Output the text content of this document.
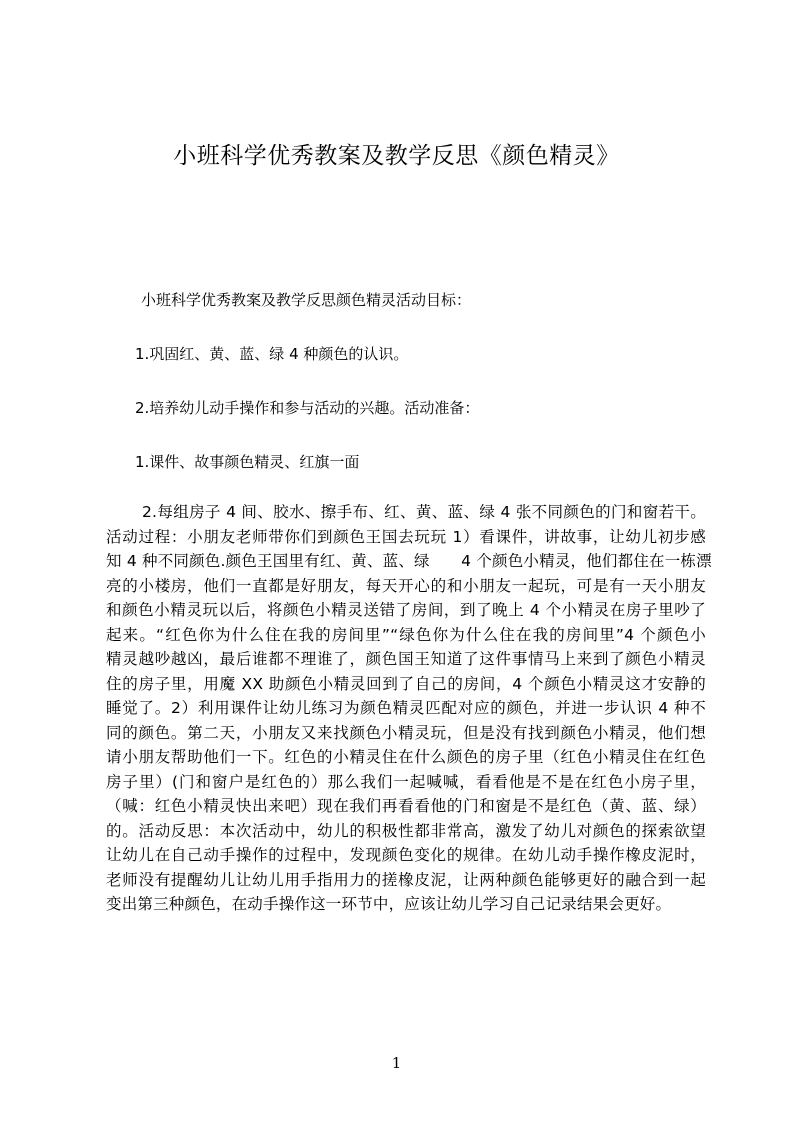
小班科学优秀教案及教学反思《颜色精灵》
小班科学优秀教案及教学反思颜色精灵活动目标：
1.巩固红、黄、蓝、绿 4 种颜色的认识。
2.培养幼儿动手操作和参与活动的兴趣。活动准备：
1.课件、故事颜色精灵、红旗一面
2.每组房子 4 间、胶水、擦手布、红、黄、蓝、绿 4 张不同颜色的门和窗若干。
活动过程：小朋友老师带你们到颜色王国去玩玩 1）看课件，讲故事，让幼儿初步感
知 4 种不同颜色.颜色王国里有红、黄、蓝、绿　　4 个颜色小精灵，他们都住在一栋漂
亮的小楼房，他们一直都是好朋友，每天开心的和小朋友一起玩，可是有一天小朋友
和颜色小精灵玩以后，将颜色小精灵送错了房间，到了晚上 4 个小精灵在房子里吵了
起来。“红色你为什么住在我的房间里”“绿色你为什么住在我的房间里”4 个颜色小
精灵越吵越凶，最后谁都不理谁了，颜色国王知道了这件事情马上来到了颜色小精灵
住的房子里，用魔 XX 助颜色小精灵回到了自己的房间，4 个颜色小精灵这才安静的
睡觉了。2）利用课件让幼儿练习为颜色精灵匹配对应的颜色，并进一步认识 4 种不
同的颜色。第二天，小朋友又来找颜色小精灵玩，但是没有找到颜色小精灵，他们想
请小朋友帮助他们一下。红色的小精灵住在什么颜色的房子里（红色小精灵住在红色
房子里）(门和窗户是红色的）那么我们一起喊喊，看看他是不是在红色小房子里，
（喊：红色小精灵快出来吧）现在我们再看看他的门和窗是不是红色（黄、蓝、绿）
的。活动反思：本次活动中，幼儿的积极性都非常高，激发了幼儿对颜色的探索欲望
让幼儿在自己动手操作的过程中，发现颜色变化的规律。在幼儿动手操作橡皮泥时，
老师没有提醒幼儿让幼儿用手指用力的搓橡皮泥，让两种颜色能够更好的融合到一起
变出第三种颜色，在动手操作这一环节中，应该让幼儿学习自己记录结果会更好。
1
